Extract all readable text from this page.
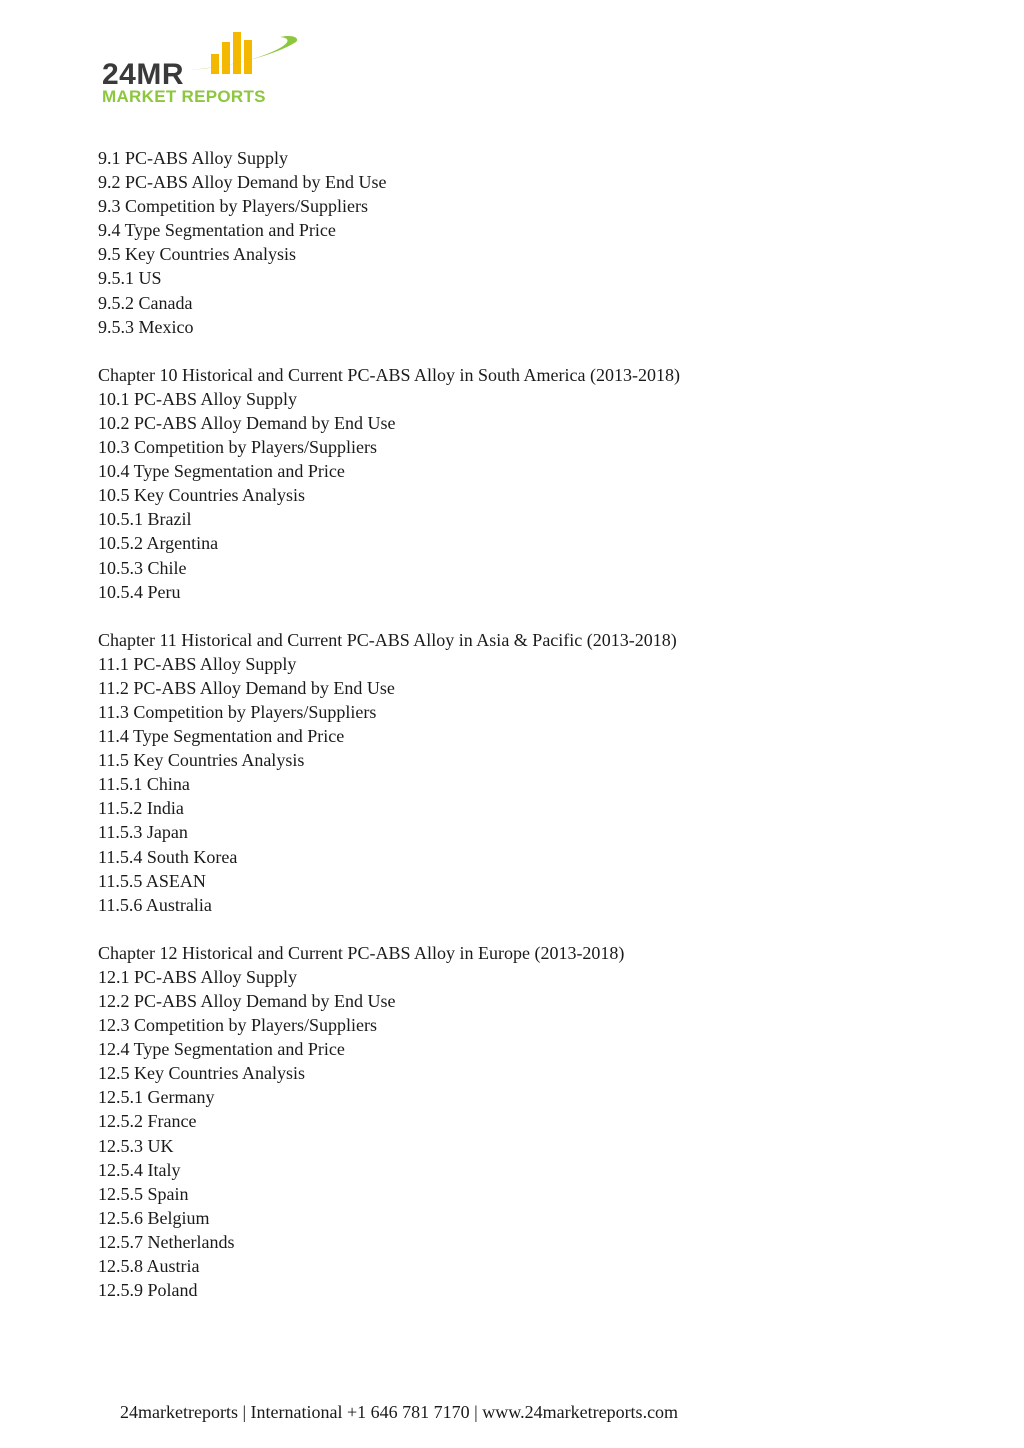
24MR
MARKET REPORTS
9.1 PC-ABS Alloy Supply
9.2 PC-ABS Alloy Demand by End Use
9.3 Competition by Players/Suppliers
9.4 Type Segmentation and Price
9.5 Key Countries Analysis
9.5.1 US
9.5.2 Canada
9.5.3 Mexico
Chapter 10 Historical and Current PC-ABS Alloy in South America (2013-2018)
10.1 PC-ABS Alloy Supply
10.2 PC-ABS Alloy Demand by End Use
10.3 Competition by Players/Suppliers
10.4 Type Segmentation and Price
10.5 Key Countries Analysis
10.5.1 Brazil
10.5.2 Argentina
10.5.3 Chile
10.5.4 Peru
Chapter 11 Historical and Current PC-ABS Alloy in Asia & Pacific (2013-2018)
11.1 PC-ABS Alloy Supply
11.2 PC-ABS Alloy Demand by End Use
11.3 Competition by Players/Suppliers
11.4 Type Segmentation and Price
11.5 Key Countries Analysis
11.5.1 China
11.5.2 India
11.5.3 Japan
11.5.4 South Korea
11.5.5 ASEAN
11.5.6 Australia
Chapter 12 Historical and Current PC-ABS Alloy in Europe (2013-2018)
12.1 PC-ABS Alloy Supply
12.2 PC-ABS Alloy Demand by End Use
12.3 Competition by Players/Suppliers
12.4 Type Segmentation and Price
12.5 Key Countries Analysis
12.5.1 Germany
12.5.2 France
12.5.3 UK
12.5.4 Italy
12.5.5 Spain
12.5.6 Belgium
12.5.7 Netherlands
12.5.8 Austria
12.5.9 Poland
24marketreports | International +1 646 781 7170 | www.24marketreports.com
